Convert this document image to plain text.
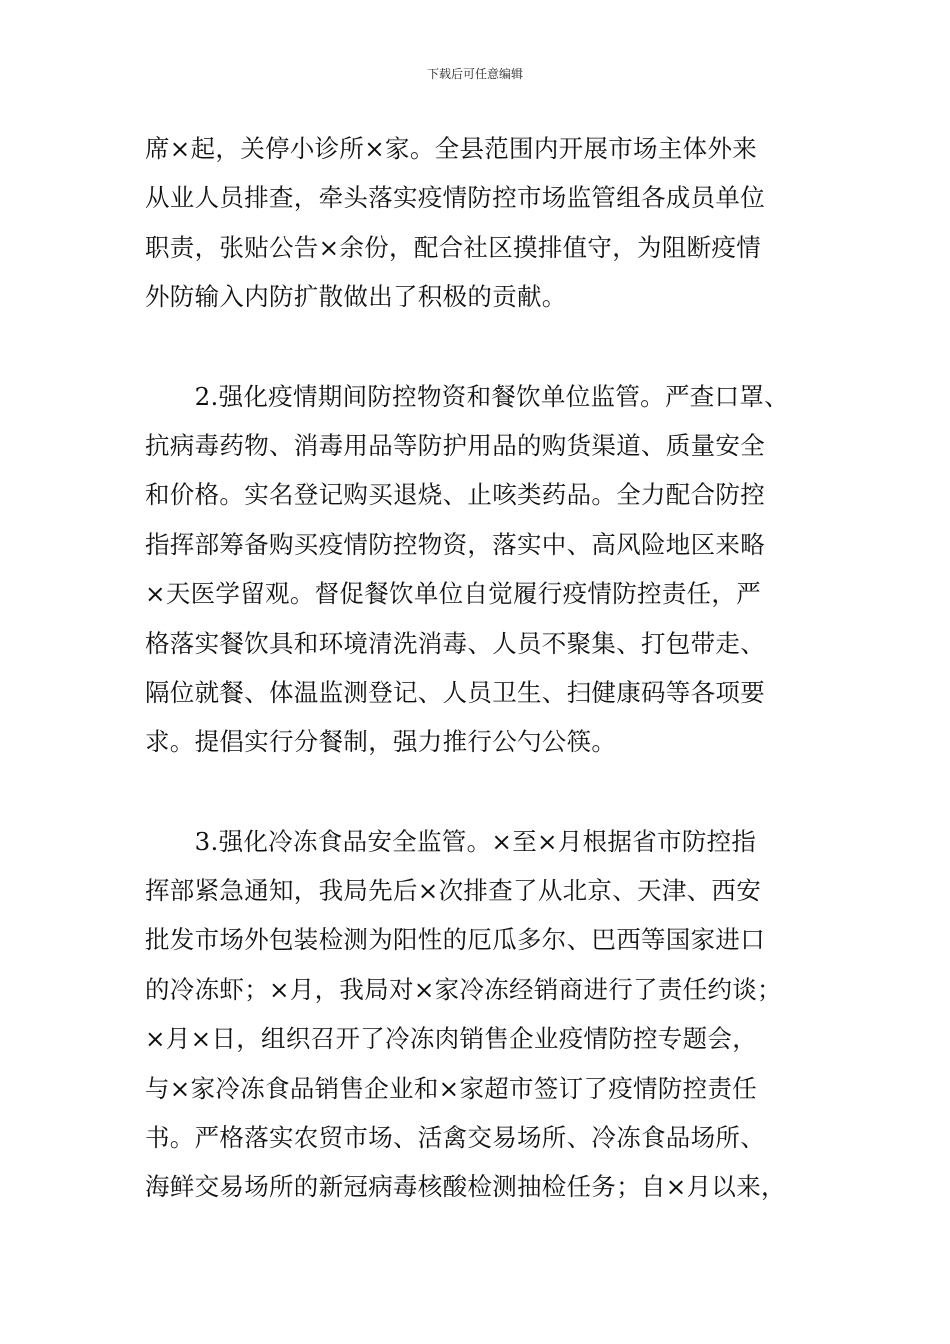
下载后可任意编辑
席×起，关停小诊所×家。全县范围内开展市场主体外来
从业人员排查，牵头落实疫情防控市场监管组各成员单位
职责，张贴公告×余份，配合社区摸排值守，为阻断疫情
外防输入内防扩散做出了积极的贡献。
　　2.强化疫情期间防控物资和餐饮单位监管。严查口罩、
抗病毒药物、消毒用品等防护用品的购货渠道、质量安全
和价格。实名登记购买退烧、止咳类药品。全力配合防控
指挥部筹备购买疫情防控物资，落实中、高风险地区来略
×天医学留观。督促餐饮单位自觉履行疫情防控责任，严
格落实餐饮具和环境清洗消毒、人员不聚集、打包带走、
隔位就餐、体温监测登记、人员卫生、扫健康码等各项要
求。提倡实行分餐制，强力推行公勺公筷。
　　3.强化冷冻食品安全监管。×至×月根据省市防控指
挥部紧急通知，我局先后×次排查了从北京、天津、西安
批发市场外包装检测为阳性的厄瓜多尔、巴西等国家进口
的冷冻虾；×月，我局对×家冷冻经销商进行了责任约谈；
×月×日，组织召开了冷冻肉销售企业疫情防控专题会，
与×家冷冻食品销售企业和×家超市签订了疫情防控责任
书。严格落实农贸市场、活禽交易场所、冷冻食品场所、
海鲜交易场所的新冠病毒核酸检测抽检任务；自×月以来，
